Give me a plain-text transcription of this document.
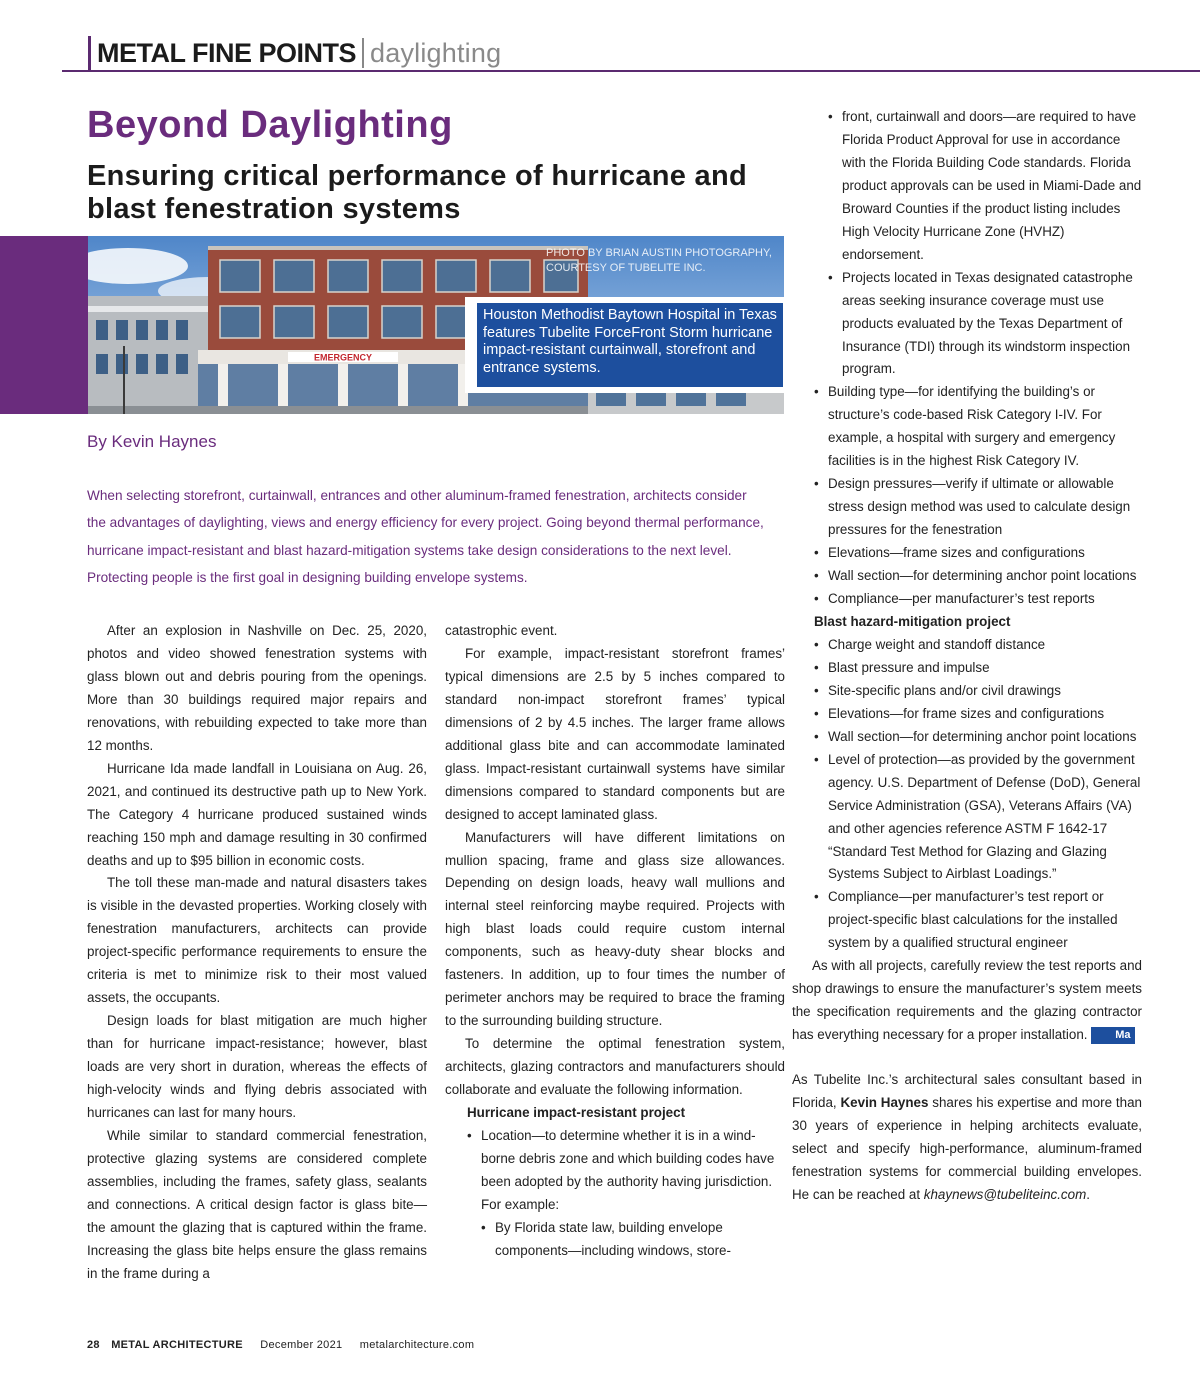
METAL FINE POINTS daylighting
Beyond Daylighting
Ensuring critical performance of hurricane and blast fenestration systems
EMERGENCY
PHOTO BY BRIAN AUSTIN PHOTOGRAPHY, COURTESY OF TUBELITE INC.
Houston Methodist Baytown Hospital in Texas features Tubelite ForceFront Storm hurricane impact-resistant curtainwall, storefront and entrance systems.
By Kevin Haynes
When selecting storefront, curtainwall, entrances and other aluminum-framed fenestration, architects consider the advantages of daylighting, views and energy efficiency for every project. Going beyond thermal performance, hurricane impact-resistant and blast hazard-mitigation systems take design considerations to the next level. Protecting people is the first goal in designing building envelope systems.

After an explosion in Nashville on Dec. 25, 2020, photos and video showed fenestration systems with glass blown out and debris pouring from the openings. More than 30 buildings required major repairs and renovations, with rebuilding expected to take more than 12 months.

Hurricane Ida made landfall in Louisiana on Aug. 26, 2021, and continued its destructive path up to New York. The Category 4 hurricane produced sustained winds reaching 150 mph and damage resulting in 30 confirmed deaths and up to $95 billion in economic costs.

The toll these man-made and natural disasters takes is visible in the devasted properties. Working closely with fenestration manufacturers, architects can provide project-specific performance requirements to ensure the criteria is met to minimize risk to their most valued assets, the occupants.

Design loads for blast mitigation are much higher than for hurricane impact-resistance; however, blast loads are very short in duration, whereas the effects of high-velocity winds and flying debris associated with hurricanes can last for many hours.

While similar to standard commercial fenestration, protective glazing systems are considered complete assemblies, including the frames, safety glass, sealants and connections. A critical design factor is glass bite—the amount the glazing that is captured within the frame. Increasing the glass bite helps ensure the glass remains in the frame during a

catastrophic event.

For example, impact-resistant storefront frames’ typical dimensions are 2.5 by 5 inches compared to standard non-impact storefront frames’ typical dimensions of 2 by 4.5 inches. The larger frame allows additional glass bite and can accommodate laminated glass. Impact-resistant curtainwall systems have similar dimensions compared to standard components but are designed to accept laminated glass.

Manufacturers will have different limitations on mullion spacing, frame and glass size allowances. Depending on design loads, heavy wall mullions and internal steel reinforcing maybe required. Projects with high blast loads could require custom internal components, such as heavy-duty shear blocks and fasteners. In addition, up to four times the number of perimeter anchors may be required to brace the framing to the surrounding building structure.

To determine the optimal fenestration system, architects, glazing contractors and manufacturers should collaborate and evaluate the following information.

Hurricane impact-resistant project
• Location—to determine whether it is in a wind-borne debris zone and which building codes have been adopted by the authority having jurisdiction. For example:
• By Florida state law, building envelope components—including windows, store-
• front, curtainwall and doors—are required to have Florida Product Approval for use in accordance with the Florida Building Code standards. Florida product approvals can be used in Miami-Dade and Broward Counties if the product listing includes High Velocity Hurricane Zone (HVHZ) endorsement.
• Projects located in Texas designated catastrophe areas seeking insurance coverage must use products evaluated by the Texas Department of Insurance (TDI) through its windstorm inspection program.
• Building type—for identifying the building’s or structure’s code-based Risk Category I-IV. For example, a hospital with surgery and emergency facilities is in the highest Risk Category IV.
• Design pressures—verify if ultimate or allowable stress design method was used to calculate design pressures for the fenestration
• Elevations—frame sizes and configurations
• Wall section—for determining anchor point locations
• Compliance—per manufacturer’s test reports
Blast hazard-mitigation project
• Charge weight and standoff distance
• Blast pressure and impulse
• Site-specific plans and/or civil drawings
• Elevations—for frame sizes and configurations
• Wall section—for determining anchor point locations
• Level of protection—as provided by the government agency. U.S. Department of Defense (DoD), General Service Administration (GSA), Veterans Affairs (VA) and other agencies reference ASTM F 1642-17 “Standard Test Method for Glazing and Glazing Systems Subject to Airblast Loadings.”
• Compliance—per manufacturer’s test report or project-specific blast calculations for the installed system by a qualified structural engineer

As with all projects, carefully review the test reports and shop drawings to ensure the manufacturer’s system meets the specification requirements and the glazing contractor has everything necessary for a proper installation.	Ma

As Tubelite Inc.’s architectural sales consultant based in Florida, Kevin Haynes shares his expertise and more than 30 years of experience in helping architects evaluate, select and specify high-performance, aluminum-framed fenestration systems for commercial building envelopes. He can be reached at khaynews@tubeliteinc.com.

28 METAL ARCHITECTURE December 2021 metalarchitecture.com
